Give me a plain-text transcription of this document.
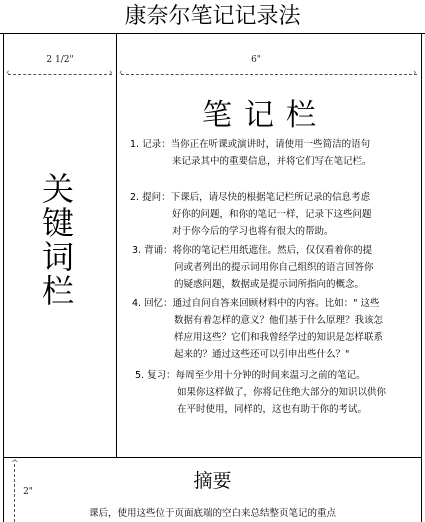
康奈尔笔记记录法
‹	›
2 1/2"
‹	›
6"
关
键
词
栏
笔记栏
1. 记录：当你正在听课或演讲时，请使用一些简洁的语句
来记录其中的重要信息，并将它们写在笔记栏。
2. 提问：下课后，请尽快的根据笔记栏所记录的信息考虑
好你的问题，和你的笔记一样，记录下这些问题
对于你今后的学习也将有很大的帮助。
3. 背诵：将你的笔记栏用纸遮住。然后，仅仅看着你的提
问或者列出的提示词用你自己组织的语言回答你
的疑惑问题，数据或是提示词所指向的概念。
4. 回忆：通过自问自答来回顾材料中的内容。比如：" 这些
数据有着怎样的意义？他们基于什么原理？我该怎
样应用这些？它们和我曾经学过的知识是怎样联系
起来的？通过这些还可以引申出些什么？"
5. 复习：每周至少用十分钟的时间来温习之前的笔记。
如果你这样做了，你将记住绝大部分的知识以供你
在平时使用，同样的，这也有助于你的考试。
^
2"	摘要
课后，使用这些位于页面底端的空白来总结整页笔记的重点
